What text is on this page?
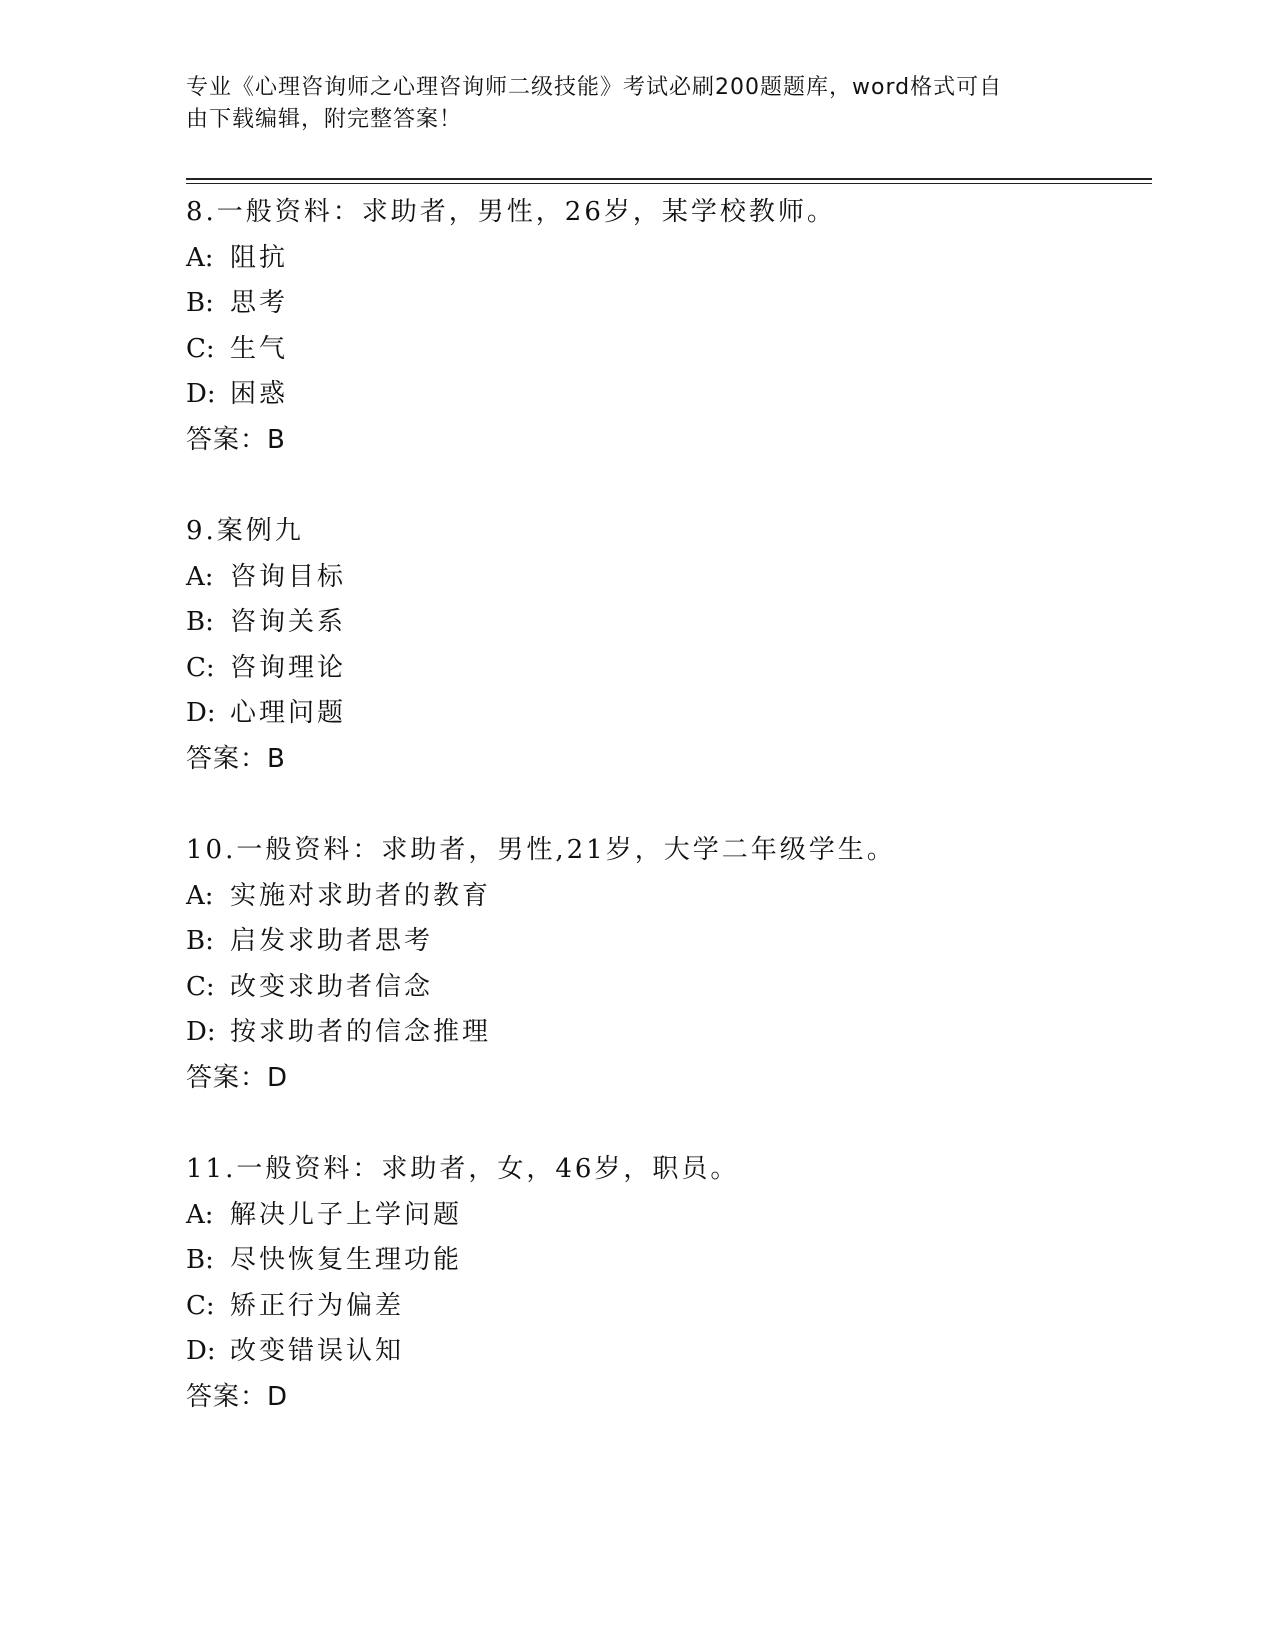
专业《心理咨询师之心理咨询师二级技能》考试必刷200题题库，word格式可自
由下载编辑，附完整答案！
8.一般资料：求助者，男性，26岁，某学校教师。
A: 阻抗
B: 思考
C: 生气
D: 困惑
答案：B
9.案例九
A: 咨询目标
B: 咨询关系
C: 咨询理论
D: 心理问题
答案：B
10.一般资料：求助者，男性,21岁，大学二年级学生。
A: 实施对求助者的教育
B: 启发求助者思考
C: 改变求助者信念
D: 按求助者的信念推理
答案：D
11.一般资料：求助者，女，46岁，职员。
A: 解决儿子上学问题
B: 尽快恢复生理功能
C: 矫正行为偏差
D: 改变错误认知
答案：D
